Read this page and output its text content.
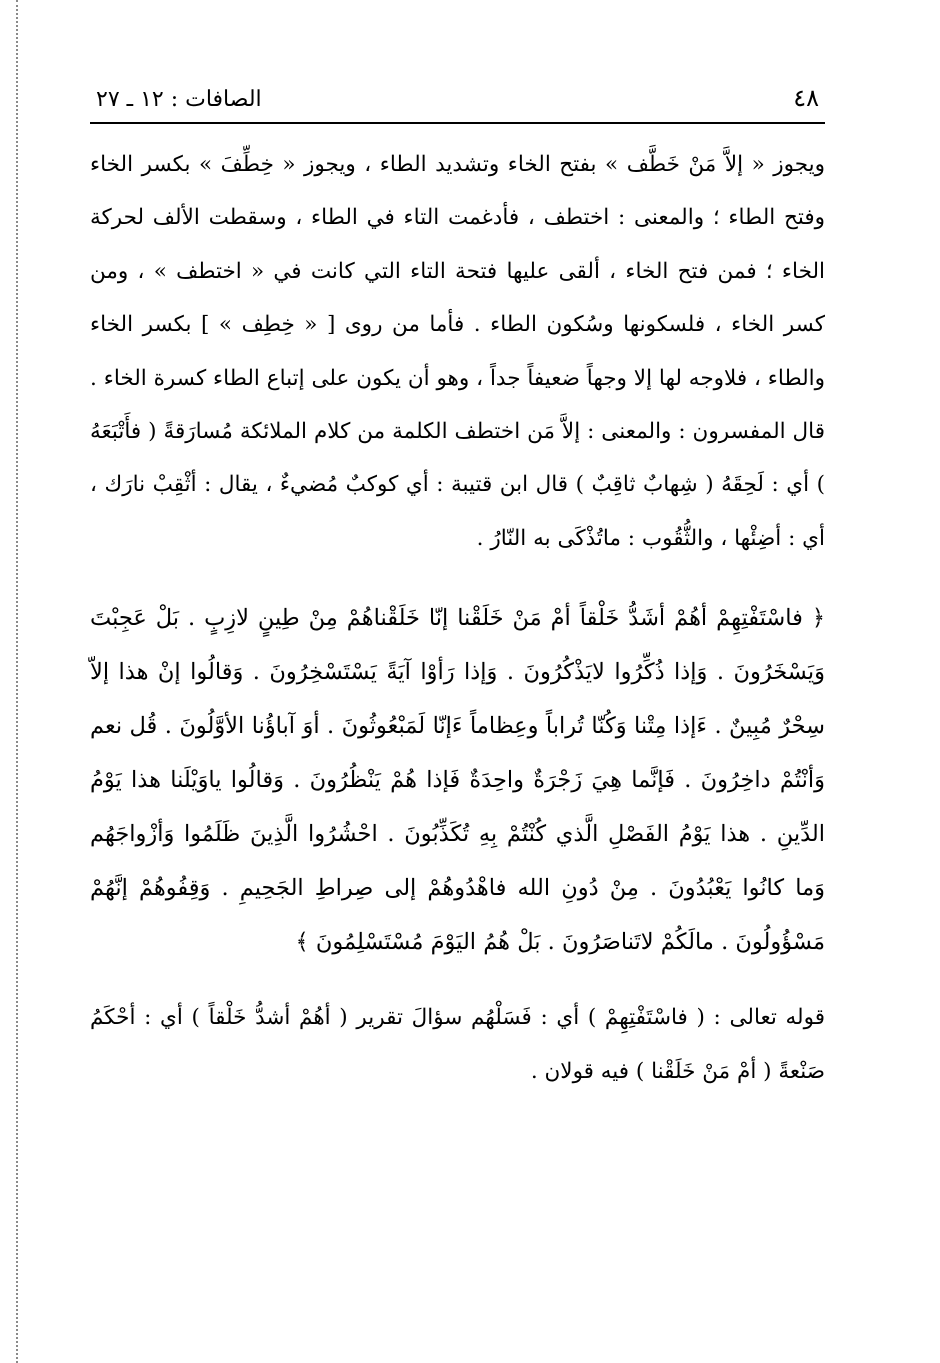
٤٨
الصافات : ١٢ ـ ٢٧

ويجوز « إلاَّ مَنْ خَطَّف » بفتح الخاء وتشديد الطاء ، ويجوز « خِطِّفَ » بكسر الخاء وفتح الطاء ؛ والمعنى : اختطف ، فأدغمت التاء في الطاء ، وسقطت الألف لحركة الخاء ؛ فمن فتح الخاء ، ألقى عليها فتحة التاء التي كانت في « اختطف » ، ومن كسر الخاء ، فلسكونها وسُكون الطاء . فأما من روى [ « خِطِف » ] بكسر الخاء والطاء ، فلاوجه لها إلا وجهاً ضعيفاً جداً ، وهو أن يكون على إتباع الطاء كسرة الخاء . قال المفسرون : والمعنى : إلاَّ مَن اختطف الكلمة من كلام الملائكة مُسارَقةً ( فأَتْبَعَهُ ) أي : لَحِقَهُ ( شِهابٌ ثاقِبٌ ) قال ابن قتيبة : أي كوكبٌ مُضيءٌ ، يقال : أثْقِبْ نارَك ، أي : أضِئْها ، والثُّقُوب : ماتُذْكَى به النّارُ .

﴿ فاسْتَفْتِهِمْ أهُمْ أشَدُّ خَلْقاً أمْ مَنْ خَلَقْنا إنّا خَلَقْناهُمْ مِنْ طِينٍ لازِبٍ . بَلْ عَجِبْتَ وَيَسْخَرُونَ . وَإذا ذُكِّرُوا لايَذْكُرُونَ . وَإذا رَأوْا آيَةً يَسْتَسْخِرُونَ . وَقالُوا إنْ هذا إلاّ سِحْرٌ مُبِينٌ . ءَإذا مِتْنا وَكُنّا تُراباً وعِظاماً ءَإنّا لَمَبْعُوثُونَ . أوَ آباؤُنا الأوَّلُونَ . قُل نعم وَأنْتُمْ داخِرُونَ . فَإنَّما هِيَ زَجْرَةٌ واحِدَةٌ فَإذا هُمْ يَنْظُرُونَ . وَقالُوا ياوَيْلَنا هذا يَوْمُ الدِّينِ . هذا يَوْمُ الفَصْلِ الَّذي كُنْتُمْ بِهِ تُكَذِّبُونَ . احْشُرُوا الَّذِينَ ظَلَمُوا وَأزْواجَهُم وَما كانُوا يَعْبُدُونَ . مِنْ دُونِ الله فاهْدُوهُمْ إلى صِراطِ الجَحِيمِ . وَقِفُوهُمْ إنَّهُمْ مَسْؤُولُونَ . مالَكُمْ لاتَناصَرُونَ . بَلْ هُمُ اليَوْمَ مُسْتَسْلِمُونَ ﴾

قوله تعالى : ( فاسْتَفْتِهِمْ ) أي : فَسَلْهُم سؤالَ تقرير ( أهُمْ أشدُّ خَلْقاً ) أي : أحْكَمُ صَنْعةً ( أمْ مَنْ خَلَقْنا ) فيه قولان .
